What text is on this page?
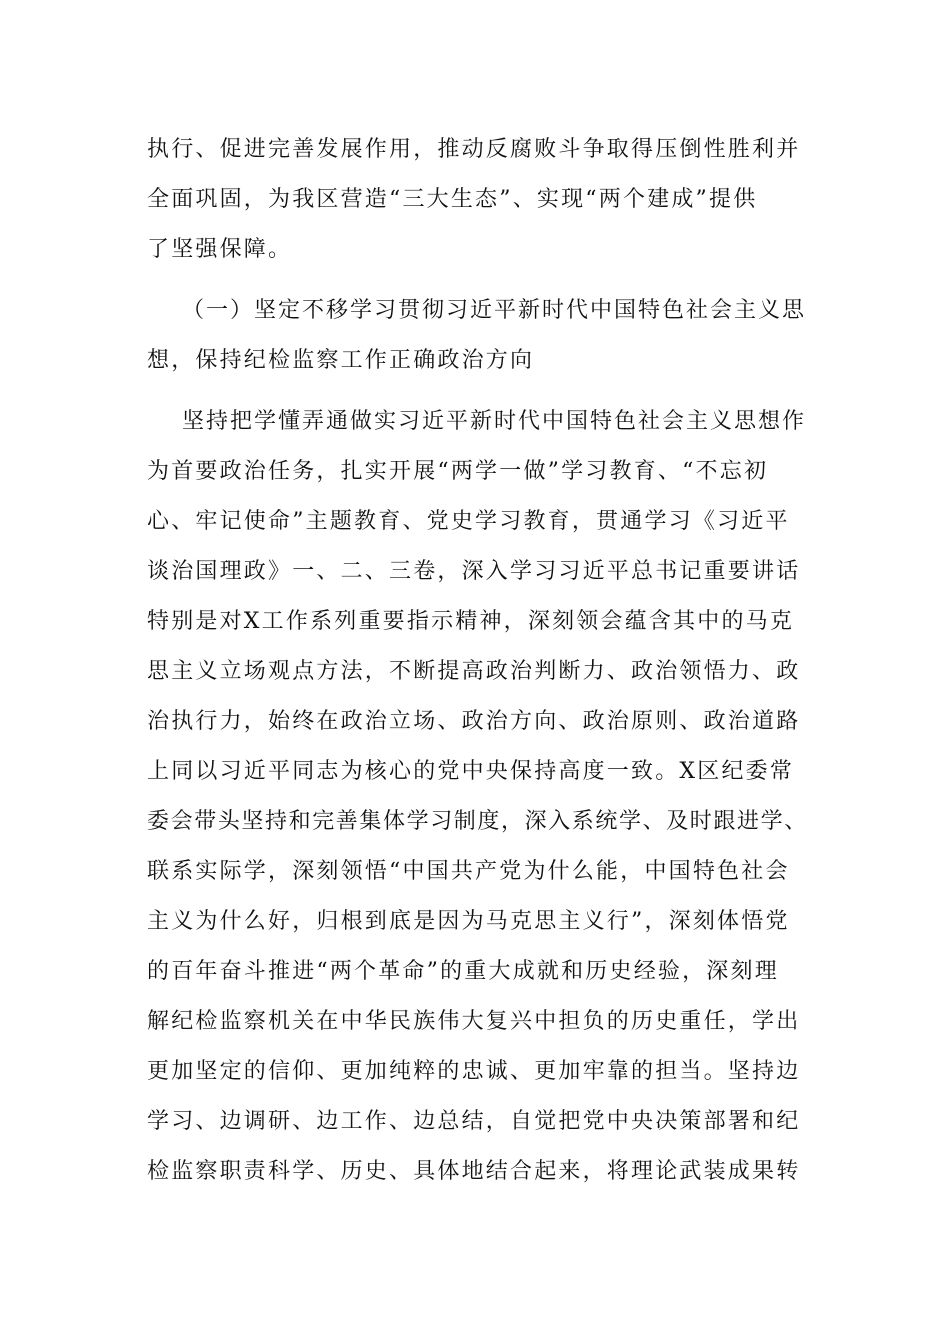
执行、促进完善发展作用，推动反腐败斗争取得压倒性胜利并
全面巩固，为我区营造“三大生态”、实现“两个建成”提供
了坚强保障。
（一）坚定不移学习贯彻习近平新时代中国特色社会主义思
想，保持纪检监察工作正确政治方向
坚持把学懂弄通做实习近平新时代中国特色社会主义思想作
为首要政治任务，扎实开展“两学一做”学习教育、“不忘初
心、牢记使命”主题教育、党史学习教育，贯通学习《习近平
谈治国理政》一、二、三卷，深入学习习近平总书记重要讲话
特别是对X工作系列重要指示精神，深刻领会蕴含其中的马克
思主义立场观点方法，不断提高政治判断力、政治领悟力、政
治执行力，始终在政治立场、政治方向、政治原则、政治道路
上同以习近平同志为核心的党中央保持高度一致。X区纪委常
委会带头坚持和完善集体学习制度，深入系统学、及时跟进学、
联系实际学，深刻领悟“中国共产党为什么能，中国特色社会
主义为什么好，归根到底是因为马克思主义行”，深刻体悟党
的百年奋斗推进“两个革命”的重大成就和历史经验，深刻理
解纪检监察机关在中华民族伟大复兴中担负的历史重任，学出
更加坚定的信仰、更加纯粹的忠诚、更加牢靠的担当。坚持边
学习、边调研、边工作、边总结，自觉把党中央决策部署和纪
检监察职责科学、历史、具体地结合起来，将理论武装成果转
